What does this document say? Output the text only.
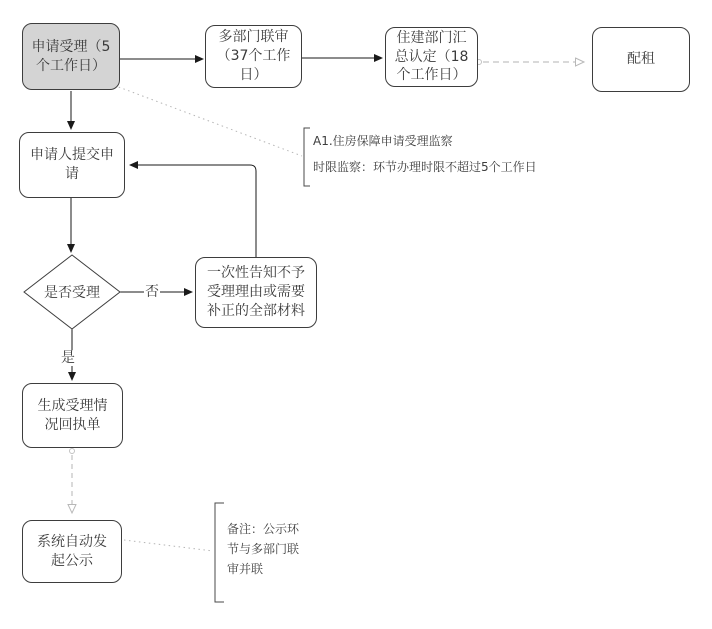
申请受理（5个工作日）
多部门联审（37个工作日）
住建部门汇总认定（18个工作日）
配租
申请人提交申请
是否受理
一次性告知不予受理理由或需要补正的全部材料
生成受理情况回执单
系统自动发起公示
否
是
A1.住房保障申请受理监察
时限监察：环节办理时限不超过5个工作日
备注：公示环节与多部门联审并联
